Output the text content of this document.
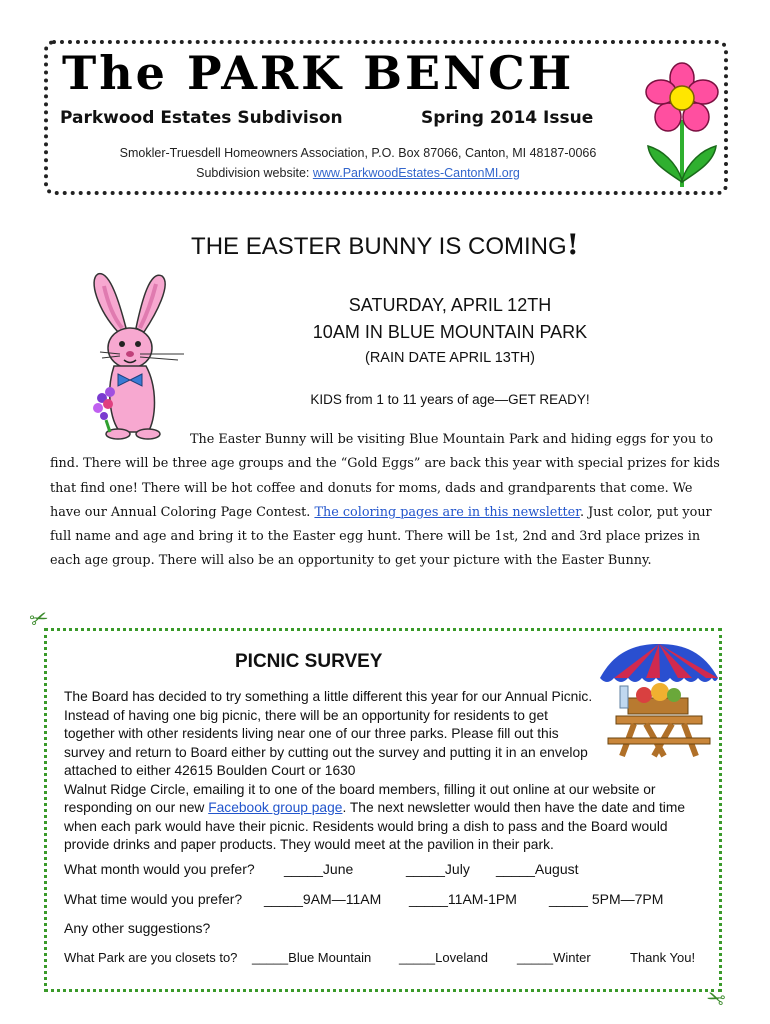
The PARK BENCH
Parkwood Estates Subdivison	Spring 2014 Issue
Smokler-Truesdell Homeowners Association, P.O. Box 87066, Canton, MI 48187-0066
Subdivision website: www.ParkwoodEstates-CantonMI.org
THE EASTER BUNNY IS COMING!
SATURDAY, APRIL 12TH
10AM IN BLUE MOUNTAIN PARK
(RAIN DATE APRIL 13TH)
KIDS from 1 to 11 years of age—GET READY!
The Easter Bunny will be visiting Blue Mountain Park and hiding eggs for you to find. There will be three age groups and the “Gold Eggs” are back this year with special prizes for kids that find one! There will be hot coffee and donuts for moms, dads and grandparents that come. We have our Annual Coloring Page Contest. The coloring pages are in this newsletter. Just color, put your full name and age and bring it to the Easter egg hunt. There will be 1st, 2nd and 3rd place prizes in each age group. There will also be an opportunity to get your picture with the Easter Bunny.
✂
✂
PICNIC SURVEY
The Board has decided to try something a little different this year for our Annual Picnic. Instead of having one big picnic, there will be an opportunity for residents to get together with other residents living near one of our three parks. Please fill out this survey and return to Board either by cutting out the survey and putting it in an envelop attached to either 42615 Boulden Court or 1630
Walnut Ridge Circle, emailing it to one of the board members, filling it out online at our website or responding on our new Facebook group page. The next newsletter would then have the date and time when each park would have their picnic. Residents would bring a dish to pass and the Board would provide drinks and paper products. They would meet at the pavilion in their park.
What month would you prefer? _____June	_____July _____August
What time would you prefer? _____9AM—11AM _____11AM-1PM _____ 5PM—7PM
Any other suggestions?
What Park are you closets to? _____Blue Mountain _____Loveland _____Winter	Thank You!
